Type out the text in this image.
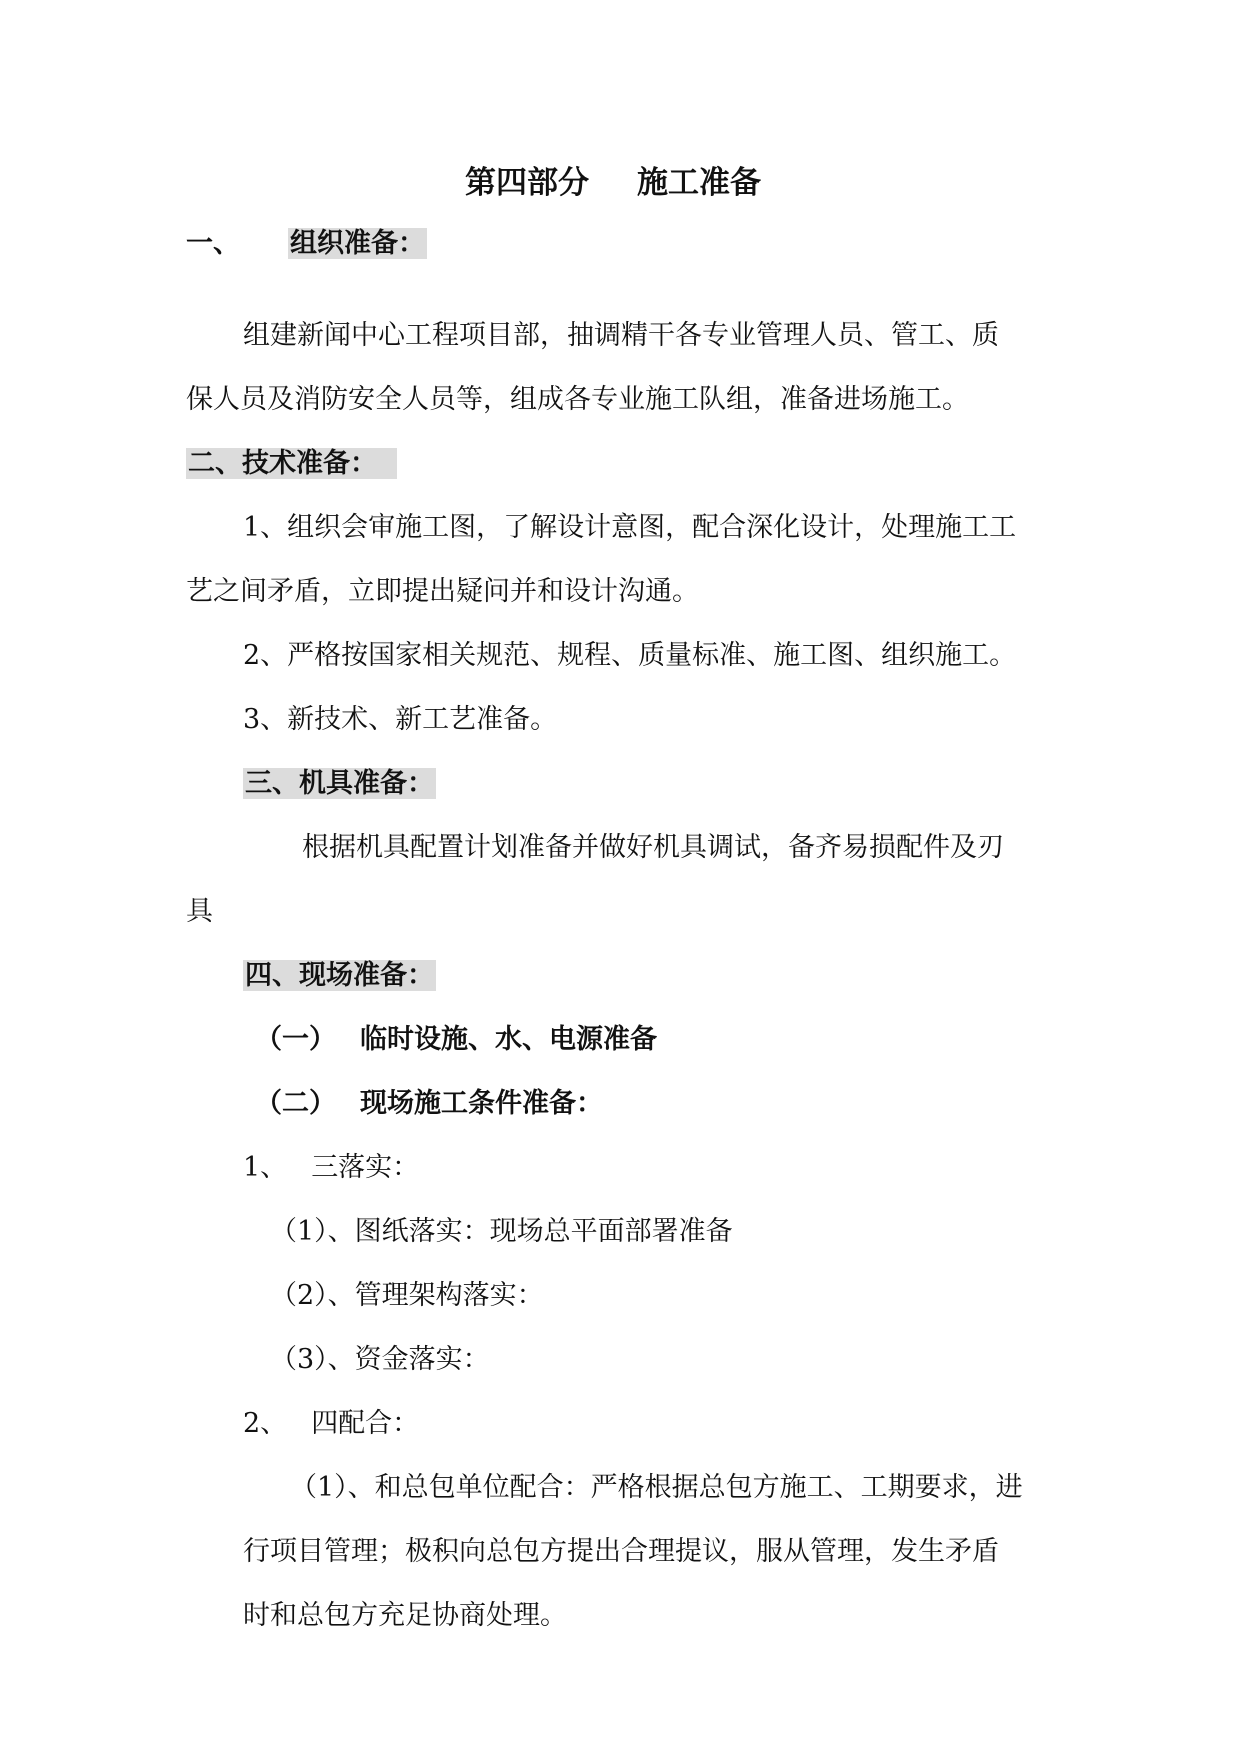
第四部分 施工准备
一、 组织准备：
组建新闻中心工程项目部，抽调精干各专业管理人员、管工、质
保人员及消防安全人员等，组成各专业施工队组，准备进场施工。
二、技术准备：
1、组织会审施工图，了解设计意图，配合深化设计，处理施工工
艺之间矛盾，立即提出疑问并和设计沟通。
2、严格按国家相关规范、规程、质量标准、施工图、组织施工。
3、新技术、新工艺准备。
三、机具准备：
根据机具配置计划准备并做好机具调试，备齐易损配件及刃
具
四、现场准备：
（一） 临时设施、水、电源准备
（二） 现场施工条件准备：
1、 三落实：
（1）、图纸落实：现场总平面部署准备
（2）、管理架构落实：
（3）、资金落实：
2、 四配合：
（1）、和总包单位配合：严格根据总包方施工、工期要求，进
行项目管理；极积向总包方提出合理提议，服从管理，发生矛盾
时和总包方充足协商处理。
